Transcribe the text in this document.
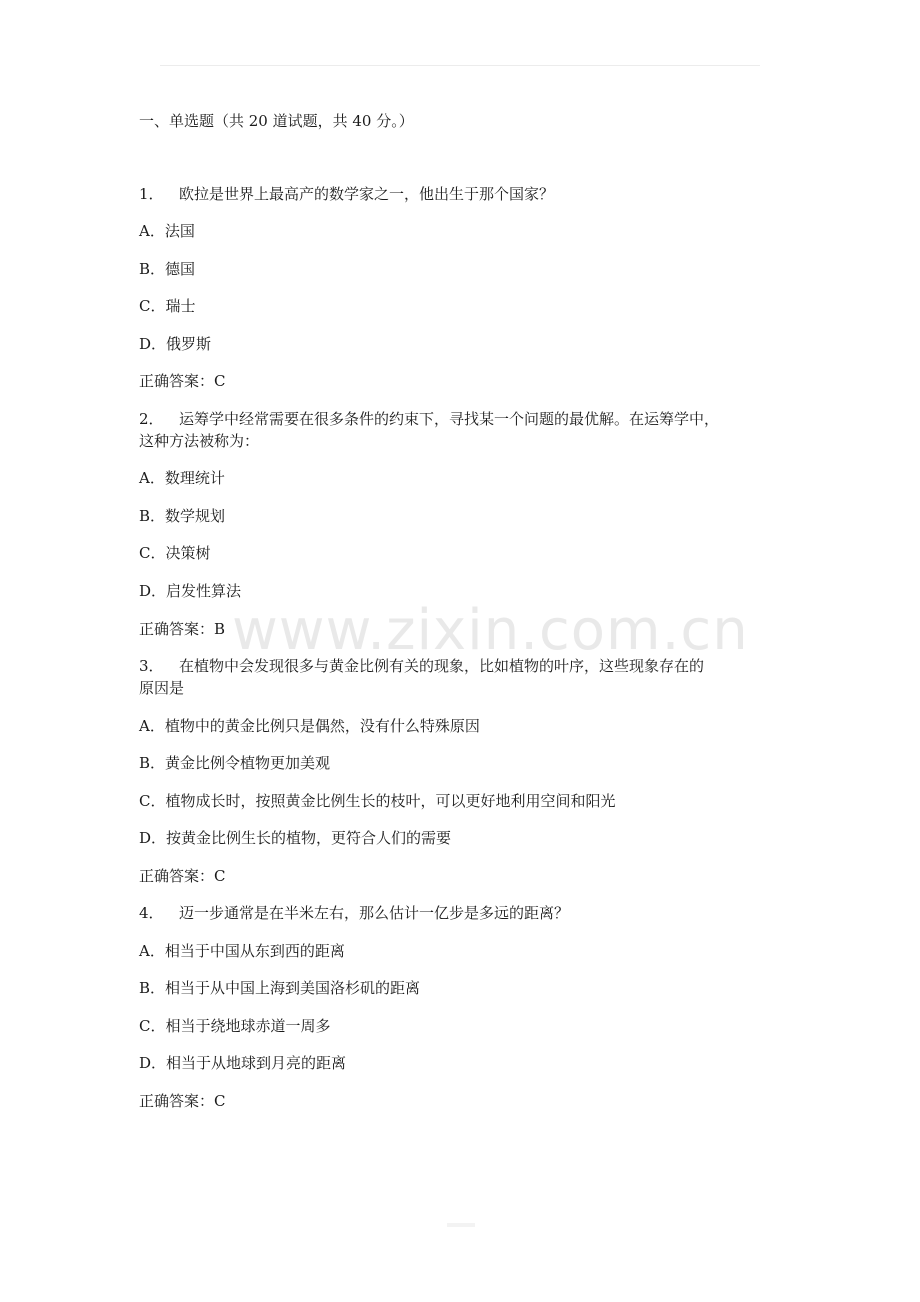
www.zixin.com.cn
一、单选题（共 20 道试题，共 40 分。）
1． 欧拉是世界上最高产的数学家之一，他出生于那个国家？
A．法国
B．德国
C．瑞士
D．俄罗斯
正确答案：C
2． 运筹学中经常需要在很多条件的约束下，寻找某一个问题的最优解。在运筹学中，
这种方法被称为：
A．数理统计
B．数学规划
C．决策树
D．启发性算法
正确答案：B
3． 在植物中会发现很多与黄金比例有关的现象，比如植物的叶序，这些现象存在的
原因是
A．植物中的黄金比例只是偶然，没有什么特殊原因
B．黄金比例令植物更加美观
C．植物成长时，按照黄金比例生长的枝叶，可以更好地利用空间和阳光
D．按黄金比例生长的植物，更符合人们的需要
正确答案：C
4． 迈一步通常是在半米左右，那么估计一亿步是多远的距离？
A．相当于中国从东到西的距离
B．相当于从中国上海到美国洛杉矶的距离
C．相当于绕地球赤道一周多
D．相当于从地球到月亮的距离
正确答案：C
